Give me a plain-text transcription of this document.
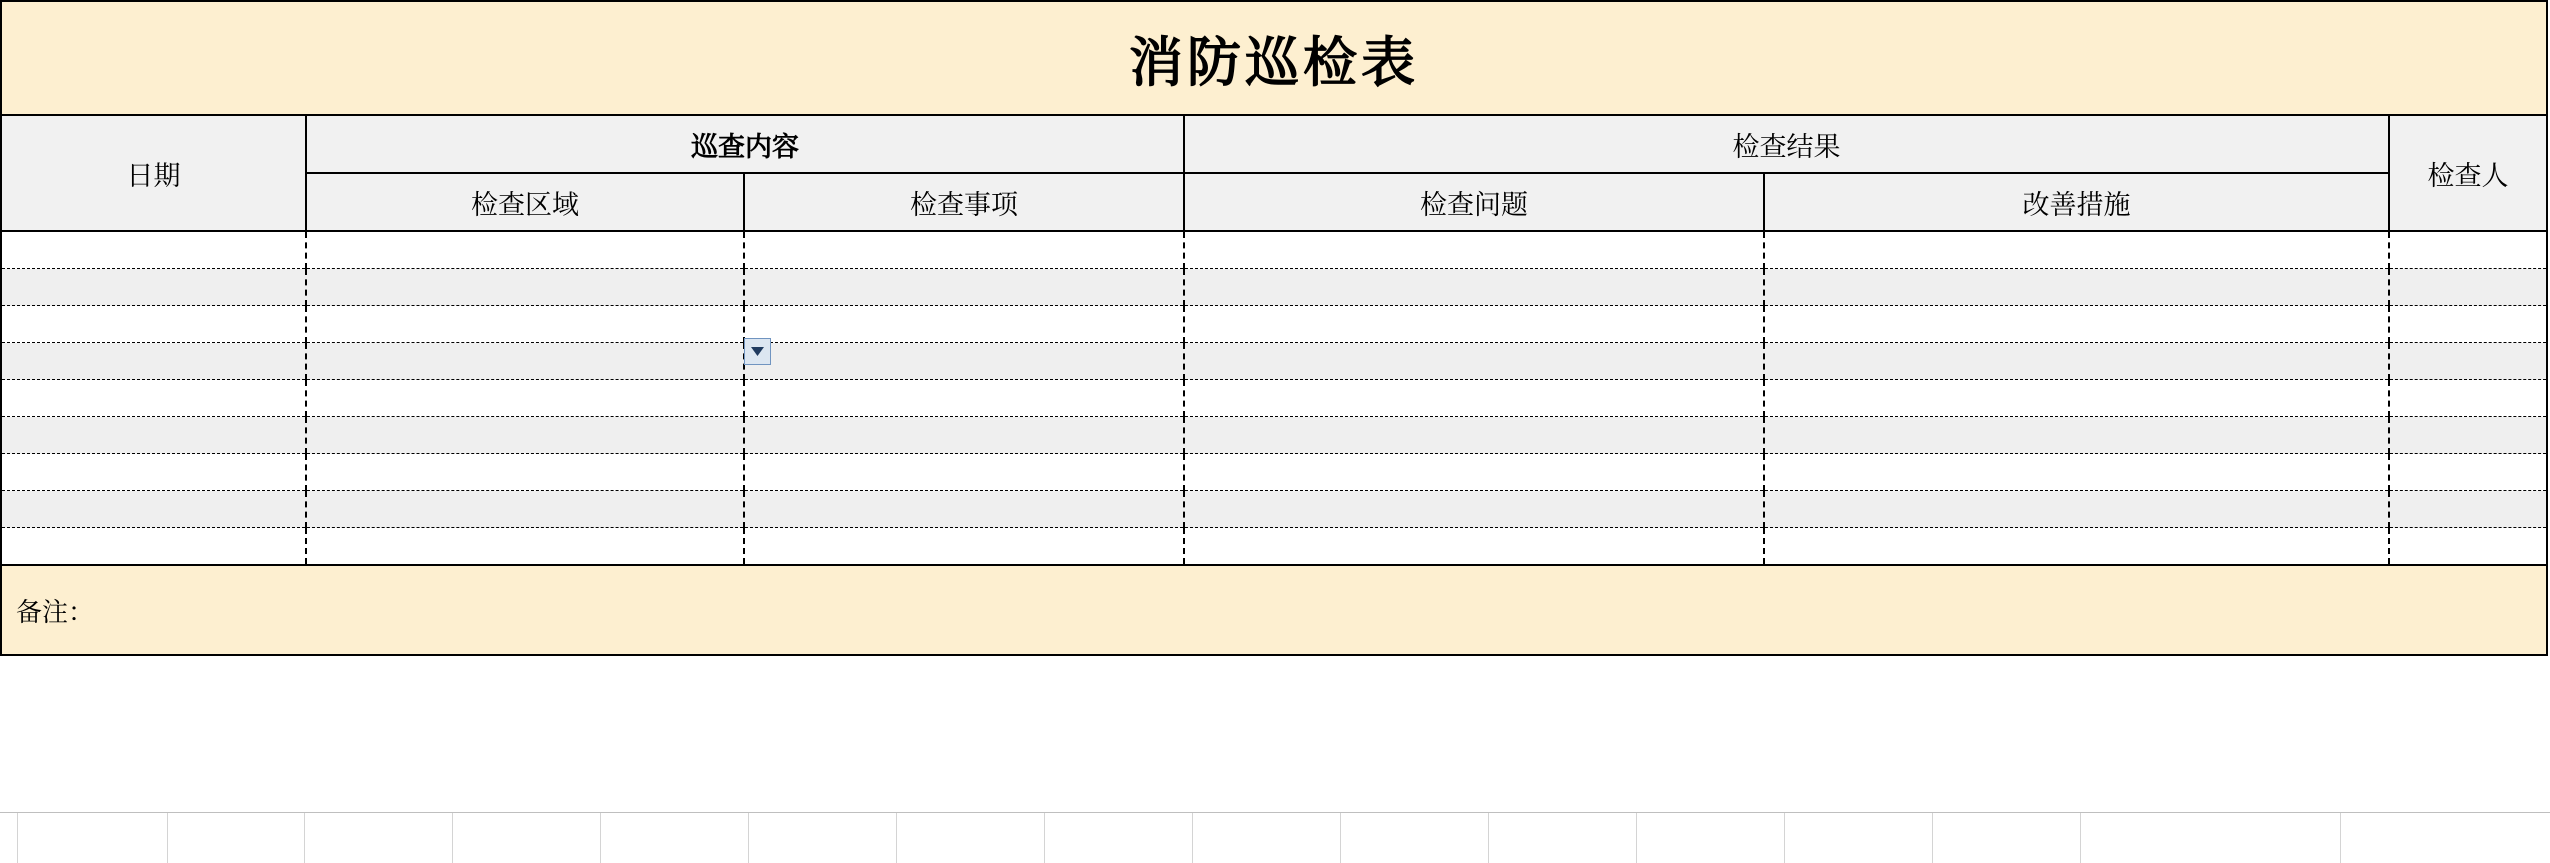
消防巡检表					
日期	巡查内容		检查结果		检查人
	检查区域	检查事项	检查问题	改善措施	

备注：					
